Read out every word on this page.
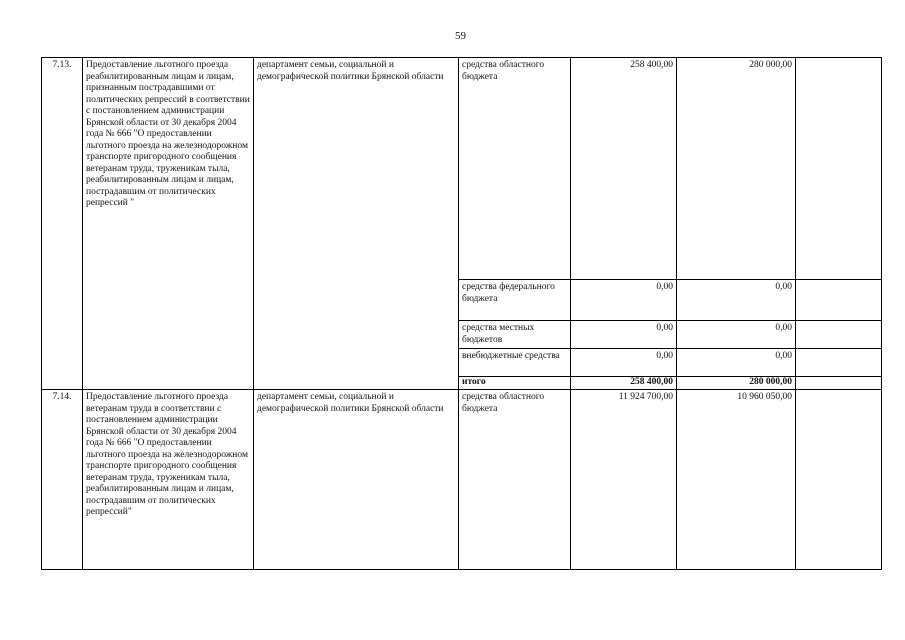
59
7.13.	Предоставление льготного проезда реабилитированным лицам и лицам, признанным пострадавшими от политических репрессий в соответствии с постановлением администрации Брянской области от 30 декабря 2004 года № 666 "О предоставлении льготного проезда на железнодорожном транспорте пригородного сообщения ветеранам труда, труженикам тыла, реабилитированным лицам и лицам, пострадавшим от политических репрессий "	департамент семьи, социальной и демографической политики Брянской области	средства областного бюджета	258 400,00	280 000,00	
			средства федерального бюджета	0,00	0,00	
			средства местных бюджетов	0,00	0,00	
			внебюджетные средства	0,00	0,00	
			итого	258 400,00	280 000,00	
7.14.	Предоставление льготного проезда ветеранам труда в соответствии с постановлением администрации Брянской области от 30 декабря 2004 года № 666 "О предоставлении льготного проезда на железнодорожном транспорте пригородного сообщения ветеранам труда, труженикам тыла, реабилитированным лицам и лицам, пострадавшим от политических репрессий"	департамент семьи, социальной и демографической политики Брянской области	средства областного бюджета	11 924 700,00	10 960 050,00	
